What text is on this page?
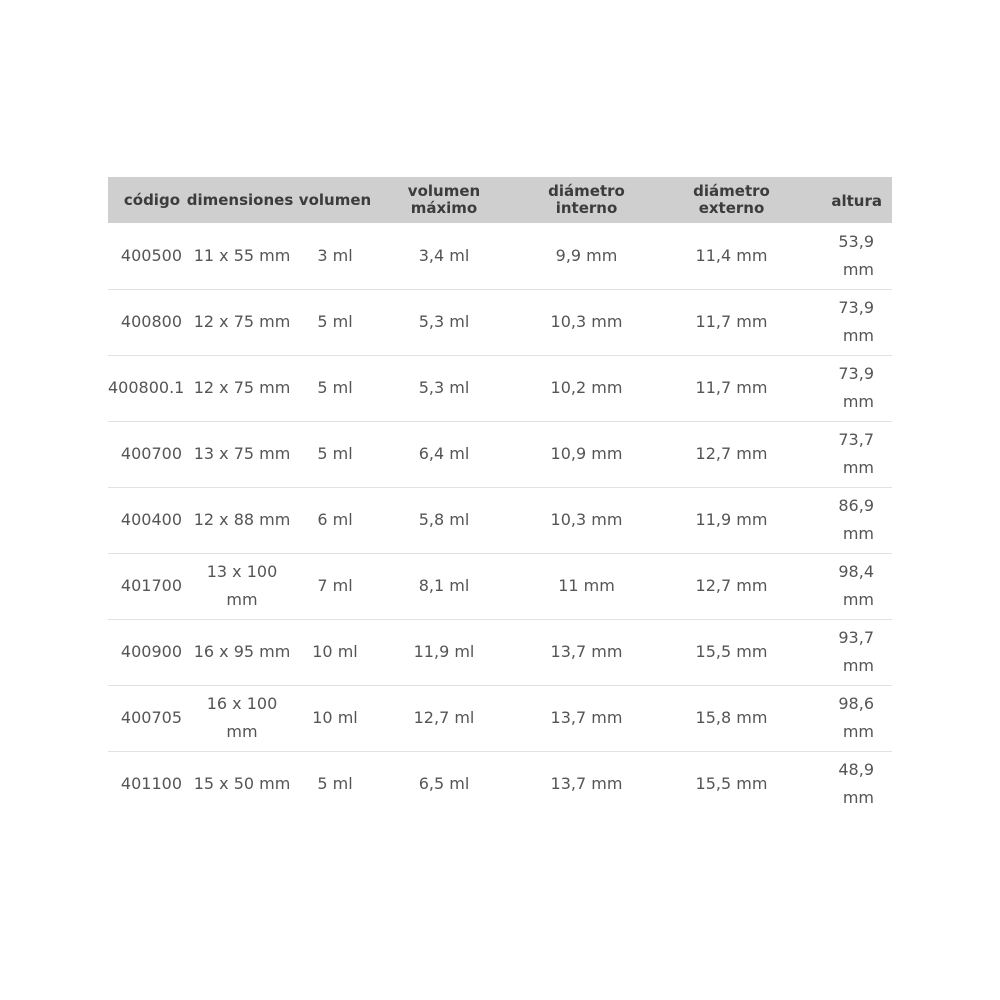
código	dimensiones	volumen	volumen máximo	diámetro interno	diámetro externo	altura
400500	11 x 55 mm	3 ml	3,4 ml	9,9 mm	11,4 mm	53,9 mm
400800	12 x 75 mm	5 ml	5,3 ml	10,3 mm	11,7 mm	73,9 mm
400800.1	12 x 75 mm	5 ml	5,3 ml	10,2 mm	11,7 mm	73,9 mm
400700	13 x 75 mm	5 ml	6,4 ml	10,9 mm	12,7 mm	73,7 mm
400400	12 x 88 mm	6 ml	5,8 ml	10,3 mm	11,9 mm	86,9 mm
401700	13 x 100 mm	7 ml	8,1 ml	11 mm	12,7 mm	98,4 mm
400900	16 x 95 mm	10 ml	11,9 ml	13,7 mm	15,5 mm	93,7 mm
400705	16 x 100 mm	10 ml	12,7 ml	13,7 mm	15,8 mm	98,6 mm
401100	15 x 50 mm	5 ml	6,5 ml	13,7 mm	15,5 mm	48,9 mm
